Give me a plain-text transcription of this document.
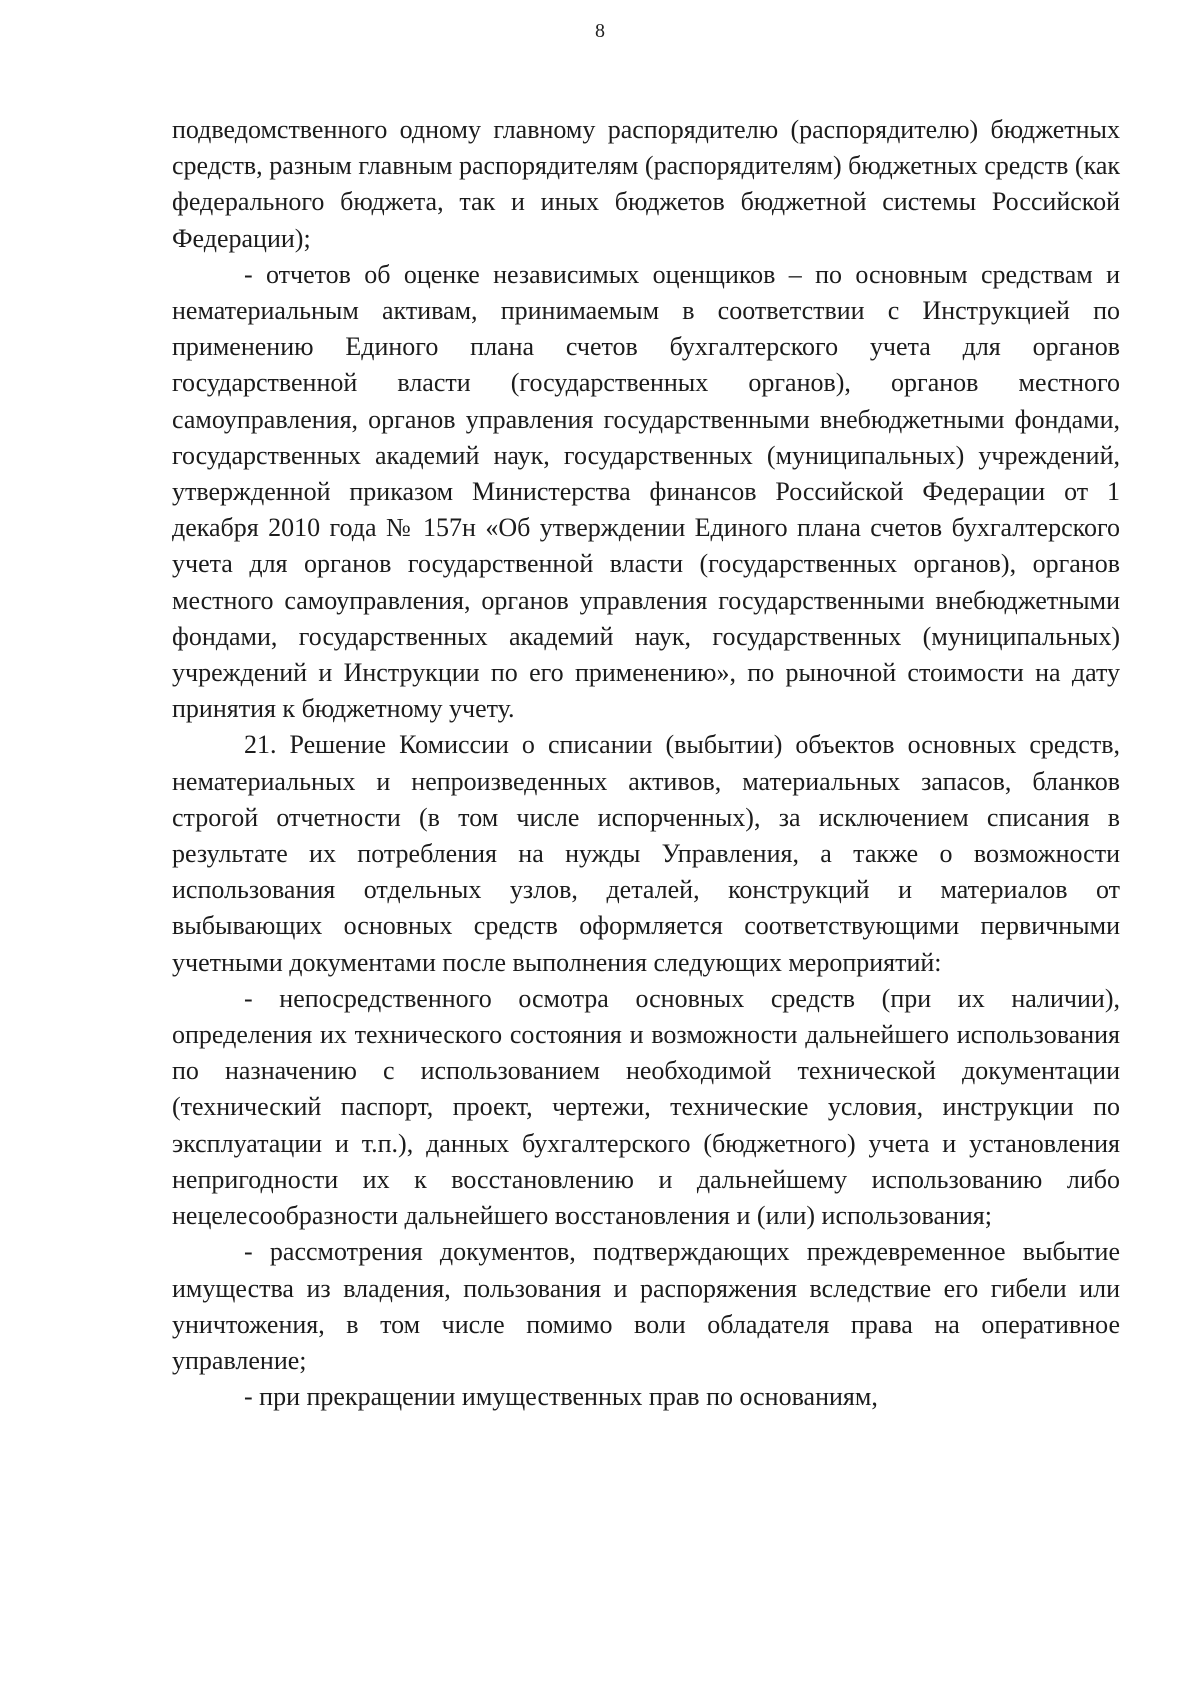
8

подведомственного одному главному распорядителю (распорядителю) бюджетных средств, разным главным распорядителям (распорядителям) бюджетных средств (как федерального бюджета, так и иных бюджетов бюджетной системы Российской Федерации);

- отчетов об оценке независимых оценщиков – по основным средствам и нематериальным активам, принимаемым в соответствии с Инструкцией по применению Единого плана счетов бухгалтерского учета для органов государственной власти (государственных органов), органов местного самоуправления, органов управления государственными внебюджетными фондами, государственных академий наук, государственных (муниципальных) учреждений, утвержденной приказом Министерства финансов Российской Федерации от 1 декабря 2010 года № 157н «Об утверждении Единого плана счетов бухгалтерского учета для органов государственной власти (государственных органов), органов местного самоуправления, органов управления государственными внебюджетными фондами, государственных академий наук, государственных (муниципальных) учреждений и Инструкции по его применению», по рыночной стоимости на дату принятия к бюджетному учету.

21. Решение Комиссии о списании (выбытии) объектов основных средств, нематериальных и непроизведенных активов, материальных запасов, бланков строгой отчетности (в том числе испорченных), за исключением списания в результате их потребления на нужды Управления, а также о возможности использования отдельных узлов, деталей, конструкций и материалов от выбывающих основных средств оформляется соответствующими первичными учетными документами после выполнения следующих мероприятий:

- непосредственного осмотра основных средств (при их наличии), определения их технического состояния и возможности дальнейшего использования по назначению с использованием необходимой технической документации (технический паспорт, проект, чертежи, технические условия, инструкции по эксплуатации и т.п.), данных бухгалтерского (бюджетного) учета и установления непригодности их к восстановлению и дальнейшему использованию либо нецелесообразности дальнейшего восстановления и (или) использования;

- рассмотрения документов, подтверждающих преждевременное выбытие имущества из владения, пользования и распоряжения вследствие его гибели или уничтожения, в том числе помимо воли обладателя права на оперативное управление;

- при прекращении имущественных прав по основаниям,
